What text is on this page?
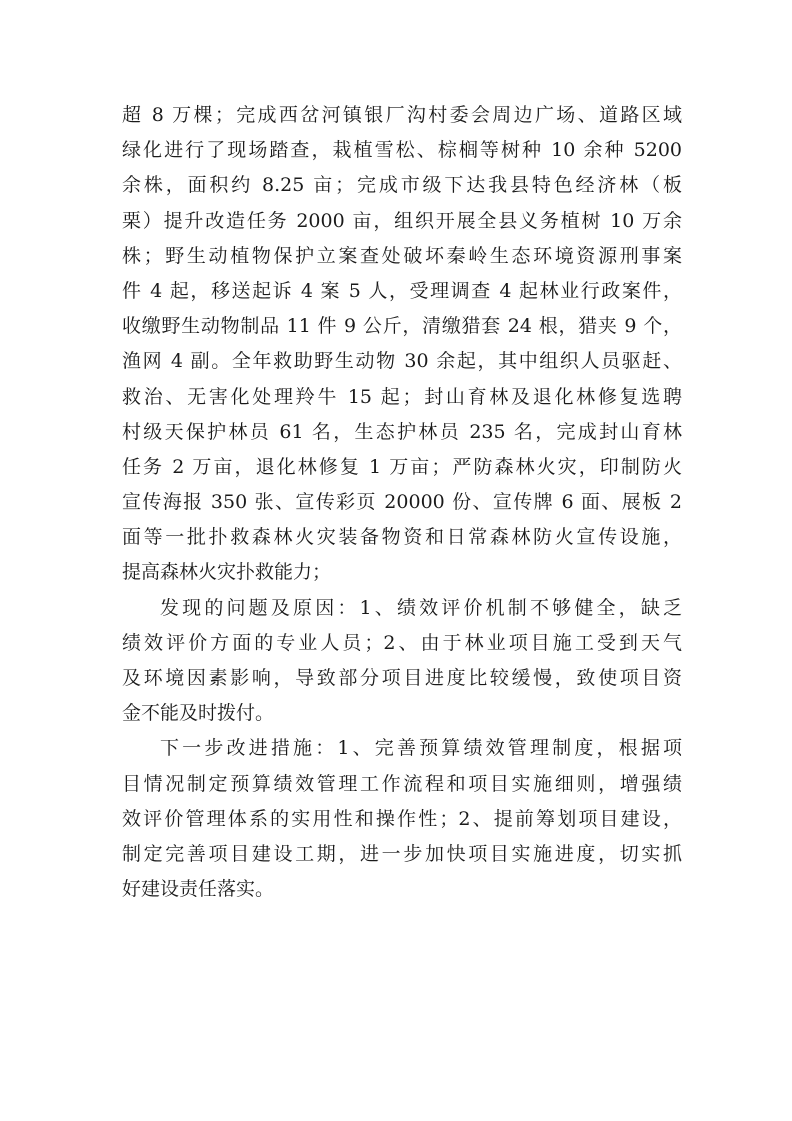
超 8 万棵；完成西岔河镇银厂沟村委会周边广场、道路区域
绿化进行了现场踏查，栽植雪松、棕榈等树种 10 余种 5200
余株，面积约 8.25 亩；完成市级下达我县特色经济林（板
栗）提升改造任务 2000 亩，组织开展全县义务植树 10 万余
株；野生动植物保护立案查处破坏秦岭生态环境资源刑事案
件 4 起，移送起诉 4 案 5 人，受理调查 4 起林业行政案件，
收缴野生动物制品 11 件 9 公斤，清缴猎套 24 根，猎夹 9 个，
渔网 4 副。全年救助野生动物 30 余起，其中组织人员驱赶、
救治、无害化处理羚牛 15 起；封山育林及退化林修复选聘
村级天保护林员 61 名，生态护林员 235 名，完成封山育林
任务 2 万亩，退化林修复 1 万亩；严防森林火灾，印制防火
宣传海报 350 张、宣传彩页 20000 份、宣传牌 6 面、展板 2
面等一批扑救森林火灾装备物资和日常森林防火宣传设施，
提高森林火灾扑救能力；
发现的问题及原因：1、绩效评价机制不够健全，缺乏
绩效评价方面的专业人员；2、由于林业项目施工受到天气
及环境因素影响，导致部分项目进度比较缓慢，致使项目资
金不能及时拨付。
下一步改进措施：1、完善预算绩效管理制度，根据项
目情况制定预算绩效管理工作流程和项目实施细则，增强绩
效评价管理体系的实用性和操作性；2、提前筹划项目建设，
制定完善项目建设工期，进一步加快项目实施进度，切实抓
好建设责任落实。
